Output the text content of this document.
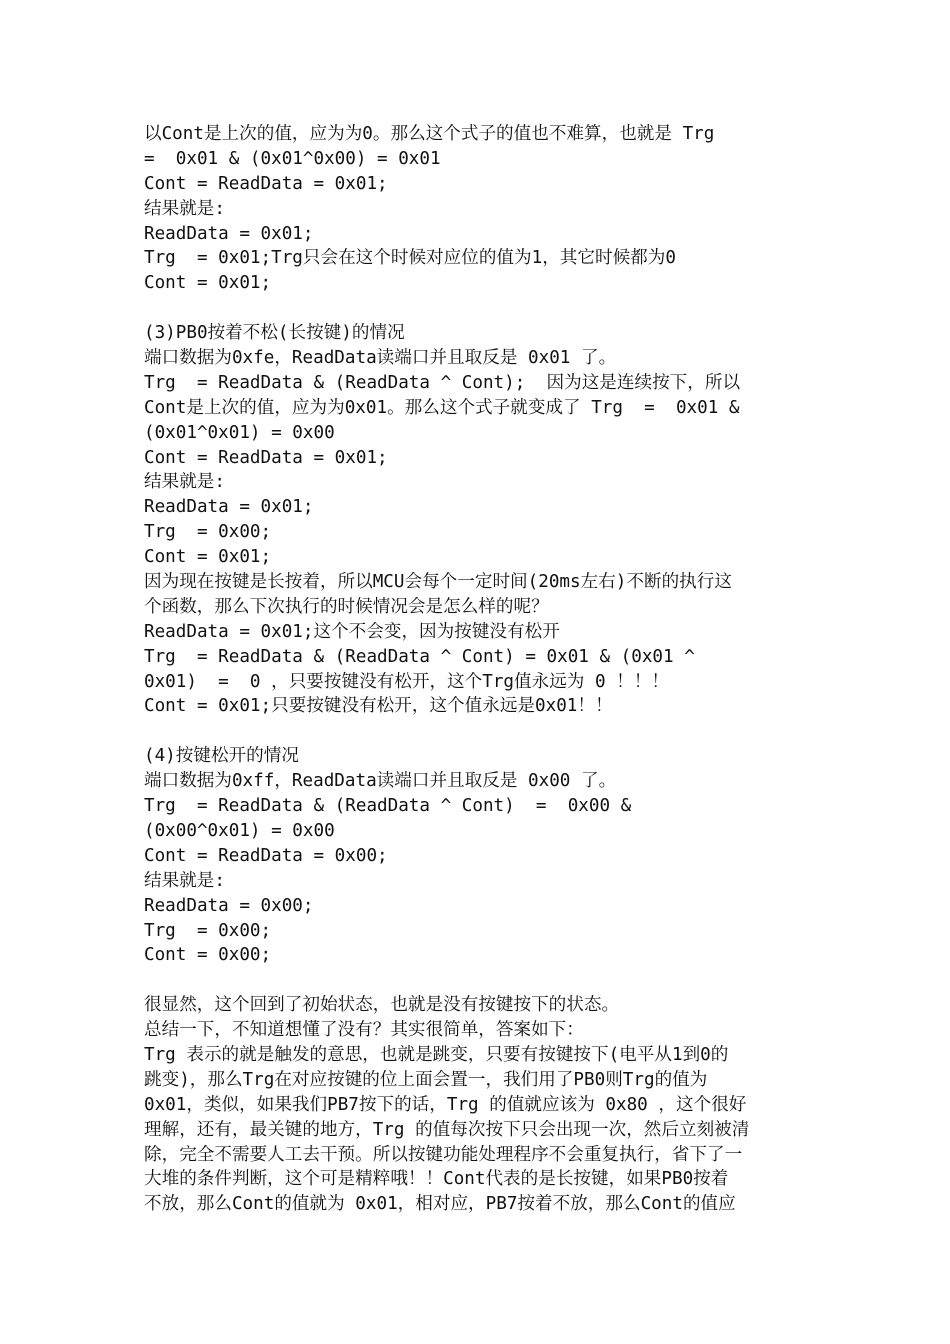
以Cont是上次的值，应为为0。那么这个式子的值也不难算，也就是 Trg
=  0x01 & (0x01^0x00) = 0x01
Cont = ReadData = 0x01;
结果就是:
ReadData = 0x01;
Trg  = 0x01;Trg只会在这个时候对应位的值为1，其它时候都为0
Cont = 0x01;
(3)PB0按着不松(长按键)的情况
端口数据为0xfe，ReadData读端口并且取反是 0x01 了。
Trg  = ReadData & (ReadData ^ Cont);  因为这是连续按下，所以
Cont是上次的值，应为为0x01。那么这个式子就变成了 Trg  =  0x01 &
(0x01^0x01) = 0x00
Cont = ReadData = 0x01;
结果就是:
ReadData = 0x01;
Trg  = 0x00;
Cont = 0x01;
因为现在按键是长按着，所以MCU会每个一定时间(20ms左右)不断的执行这
个函数，那么下次执行的时候情况会是怎么样的呢？
ReadData = 0x01;这个不会变，因为按键没有松开
Trg  = ReadData & (ReadData ^ Cont) = 0x01 & (0x01 ^
0x01)  =  0 ，只要按键没有松开，这个Trg值永远为 0 ！！！
Cont = 0x01;只要按键没有松开，这个值永远是0x01！！
(4)按键松开的情况
端口数据为0xff，ReadData读端口并且取反是 0x00 了。
Trg  = ReadData & (ReadData ^ Cont)  =  0x00 &
(0x00^0x01) = 0x00
Cont = ReadData = 0x00;
结果就是:
ReadData = 0x00;
Trg  = 0x00;
Cont = 0x00;
很显然，这个回到了初始状态，也就是没有按键按下的状态。
总结一下，不知道想懂了没有？其实很简单，答案如下：
Trg 表示的就是触发的意思，也就是跳变，只要有按键按下(电平从1到0的
跳变)，那么Trg在对应按键的位上面会置一，我们用了PB0则Trg的值为
0x01，类似，如果我们PB7按下的话，Trg 的值就应该为 0x80 ，这个很好
理解，还有，最关键的地方，Trg 的值每次按下只会出现一次，然后立刻被清
除，完全不需要人工去干预。所以按键功能处理程序不会重复执行，省下了一
大堆的条件判断，这个可是精粹哦！！Cont代表的是长按键，如果PB0按着
不放，那么Cont的值就为 0x01，相对应，PB7按着不放，那么Cont的值应
